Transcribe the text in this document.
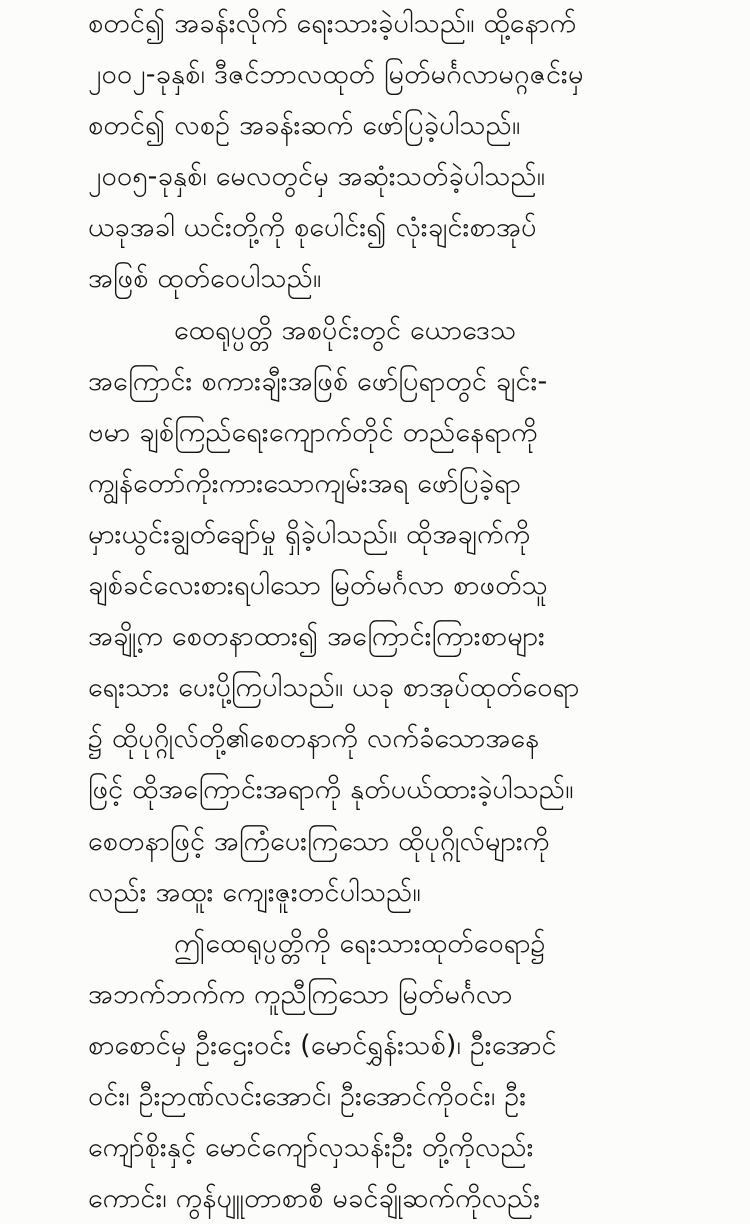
စတင်၍ အခန်းလိုက် ရေးသားခဲ့ပါသည်။ ထို့နောက်
၂၀၀၂-ခုနှစ်၊ ဒီဇင်ဘာလထုတ် မြတ်မင်္ဂလာမဂ္ဂဇင်းမှ
စတင်၍ လစဉ် အခန်းဆက် ဖော်ပြခဲ့ပါသည်။
၂၀၀၅-ခုနှစ်၊ မေလတွင်မှ အဆုံးသတ်ခဲ့ပါသည်။
ယခုအခါ ယင်းတို့ကို စုပေါင်း၍ လုံးချင်းစာအုပ်
အဖြစ် ထုတ်ဝေပါသည်။
ထေရုပ္ပတ္တိ အစပိုင်းတွင် ယောဒေသ
အကြောင်း စကားချီးအဖြစ် ဖော်ပြရာတွင် ချင်း-
ဗမာ ချစ်ကြည်ရေးကျောက်တိုင် တည်နေရာကို
ကျွန်တော်ကိုးကားသောကျမ်းအရ ဖော်ပြခဲ့ရာ
မှားယွင်းချွတ်ချော်မှု ရှိခဲ့ပါသည်။ ထိုအချက်ကို
ချစ်ခင်လေးစားရပါသော မြတ်မင်္ဂလာ စာဖတ်သူ
အချို့က စေတနာထား၍ အကြောင်းကြားစာများ
ရေးသား ပေးပို့ကြပါသည်။ ယခု စာအုပ်ထုတ်ဝေရာ
၌ ထိုပုဂ္ဂိုလ်တို့၏စေတနာကို လက်ခံသောအနေ
ဖြင့် ထိုအကြောင်းအရာကို နုတ်ပယ်ထားခဲ့ပါသည်။
စေတနာဖြင့် အကြံပေးကြသော ထိုပုဂ္ဂိုလ်များကို
လည်း အထူး ကျေးဇူးတင်ပါသည်။
ဤထေရုပ္ပတ္တိကို ရေးသားထုတ်ဝေရာ၌
အဘက်ဘက်က ကူညီကြသော မြတ်မင်္ဂလာ
စာစောင်မှ ဦးဌေးဝင်း (မောင်ရွှန်းသစ်)၊ ဦးအောင်
ဝင်း၊ ဦးဉာဏ်လင်းအောင်၊ ဦးအောင်ကိုဝင်း၊ ဦး
ကျော်စိုးနှင့် မောင်ကျော်လှသန်းဦး တို့ကိုလည်း
ကောင်း၊ ကွန်ပျူတာစာစီ မခင်ချိုဆက်ကိုလည်း
